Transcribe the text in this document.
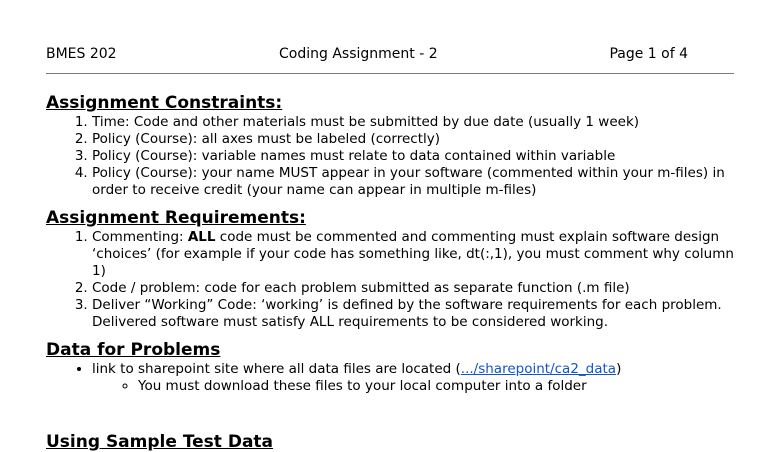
BMES 202	Coding Assignment - 2	Page 1 of 4
Assignment Constraints:
1. Time: Code and other materials must be submitted by due date (usually 1 week)
2. Policy (Course): all axes must be labeled (correctly)
3. Policy (Course): variable names must relate to data contained within variable
4. Policy (Course): your name MUST appear in your software (commented within your m-files) in order to receive credit (your name can appear in multiple m-files)
Assignment Requirements:
1. Commenting: ALL code must be commented and commenting must explain software design ‘choices’ (for example if your code has something like, dt(:,1), you must comment why column 1)
2. Code / problem: code for each problem submitted as separate function (.m file)
3. Deliver “Working” Code: ‘working’ is defined by the software requirements for each problem. Delivered software must satisfy ALL requirements to be considered working.
Data for Problems
• link to sharepoint site where all data files are located (.../sharepoint/ca2_data)
◦ You must download these files to your local computer into a folder
Using Sample Test Data
